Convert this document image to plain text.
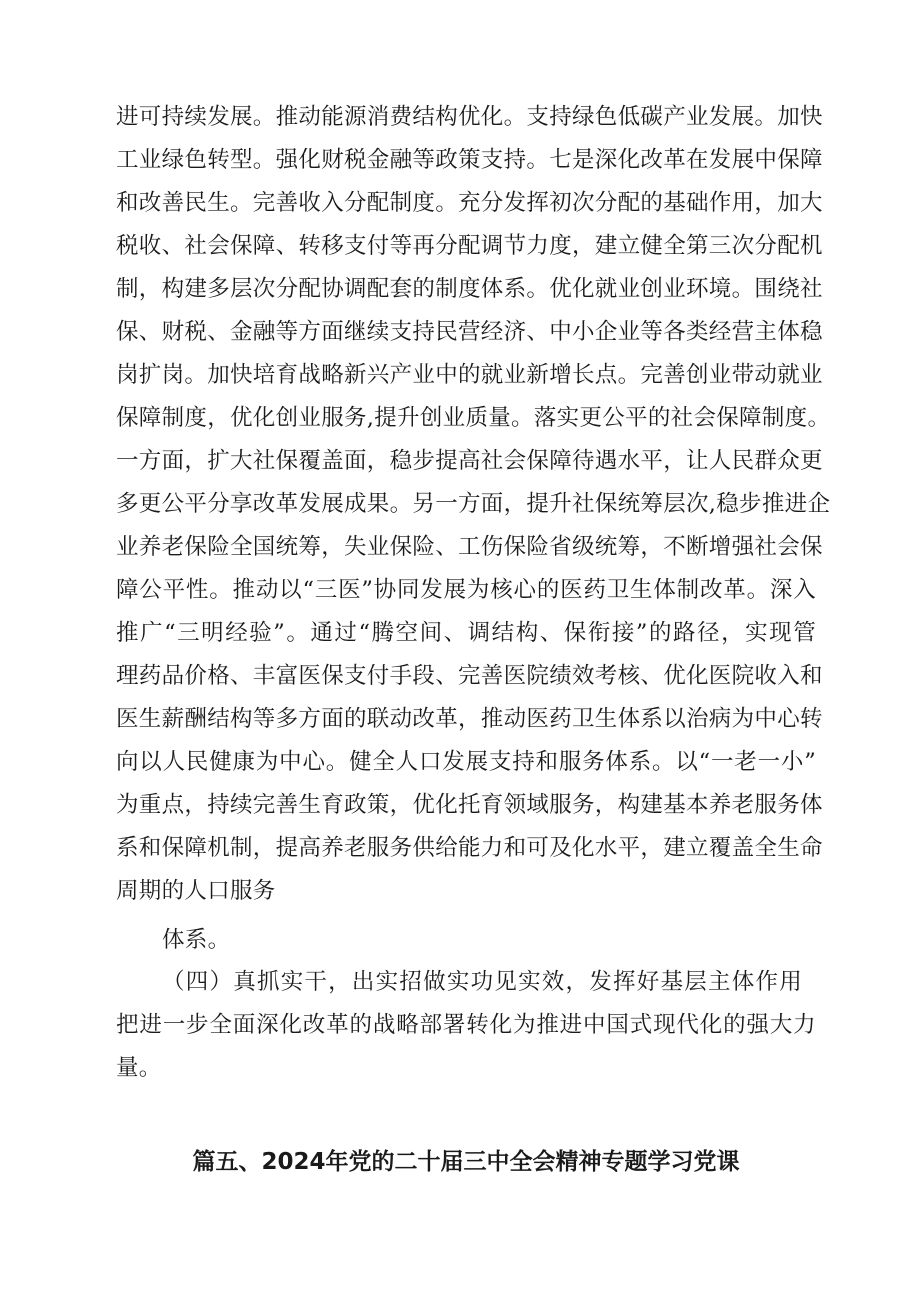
进可持续发展。推动能源消费结构优化。支持绿色低碳产业发展。加快
工业绿色转型。强化财税金融等政策支持。七是深化改革在发展中保障
和改善民生。完善收入分配制度。充分发挥初次分配的基础作用，加大
税收、社会保障、转移支付等再分配调节力度，建立健全第三次分配机
制，构建多层次分配协调配套的制度体系。优化就业创业环境。围绕社
保、财税、金融等方面继续支持民营经济、中小企业等各类经营主体稳
岗扩岗。加快培育战略新兴产业中的就业新增长点。完善创业带动就业
保障制度，优化创业服务,提升创业质量。落实更公平的社会保障制度。
一方面，扩大社保覆盖面，稳步提高社会保障待遇水平，让人民群众更
多更公平分享改革发展成果。另一方面，提升社保统筹层次,稳步推进企
业养老保险全国统筹，失业保险、工伤保险省级统筹，不断增强社会保
障公平性。推动以“三医”协同发展为核心的医药卫生体制改革。深入
推广“三明经验”。通过“腾空间、调结构、保衔接”的路径，实现管
理药品价格、丰富医保支付手段、完善医院绩效考核、优化医院收入和
医生薪酬结构等多方面的联动改革，推动医药卫生体系以治病为中心转
向以人民健康为中心。健全人口发展支持和服务体系。以“一老一小”
为重点，持续完善生育政策，优化托育领域服务，构建基本养老服务体
系和保障机制，提高养老服务供给能力和可及化水平，建立覆盖全生命
周期的人口服务
体系。
（四）真抓实干，出实招做实功见实效，发挥好基层主体作用
把进一步全面深化改革的战略部署转化为推进中国式现代化的强大力
量。
篇五、2024年党的二十届三中全会精神专题学习党课
